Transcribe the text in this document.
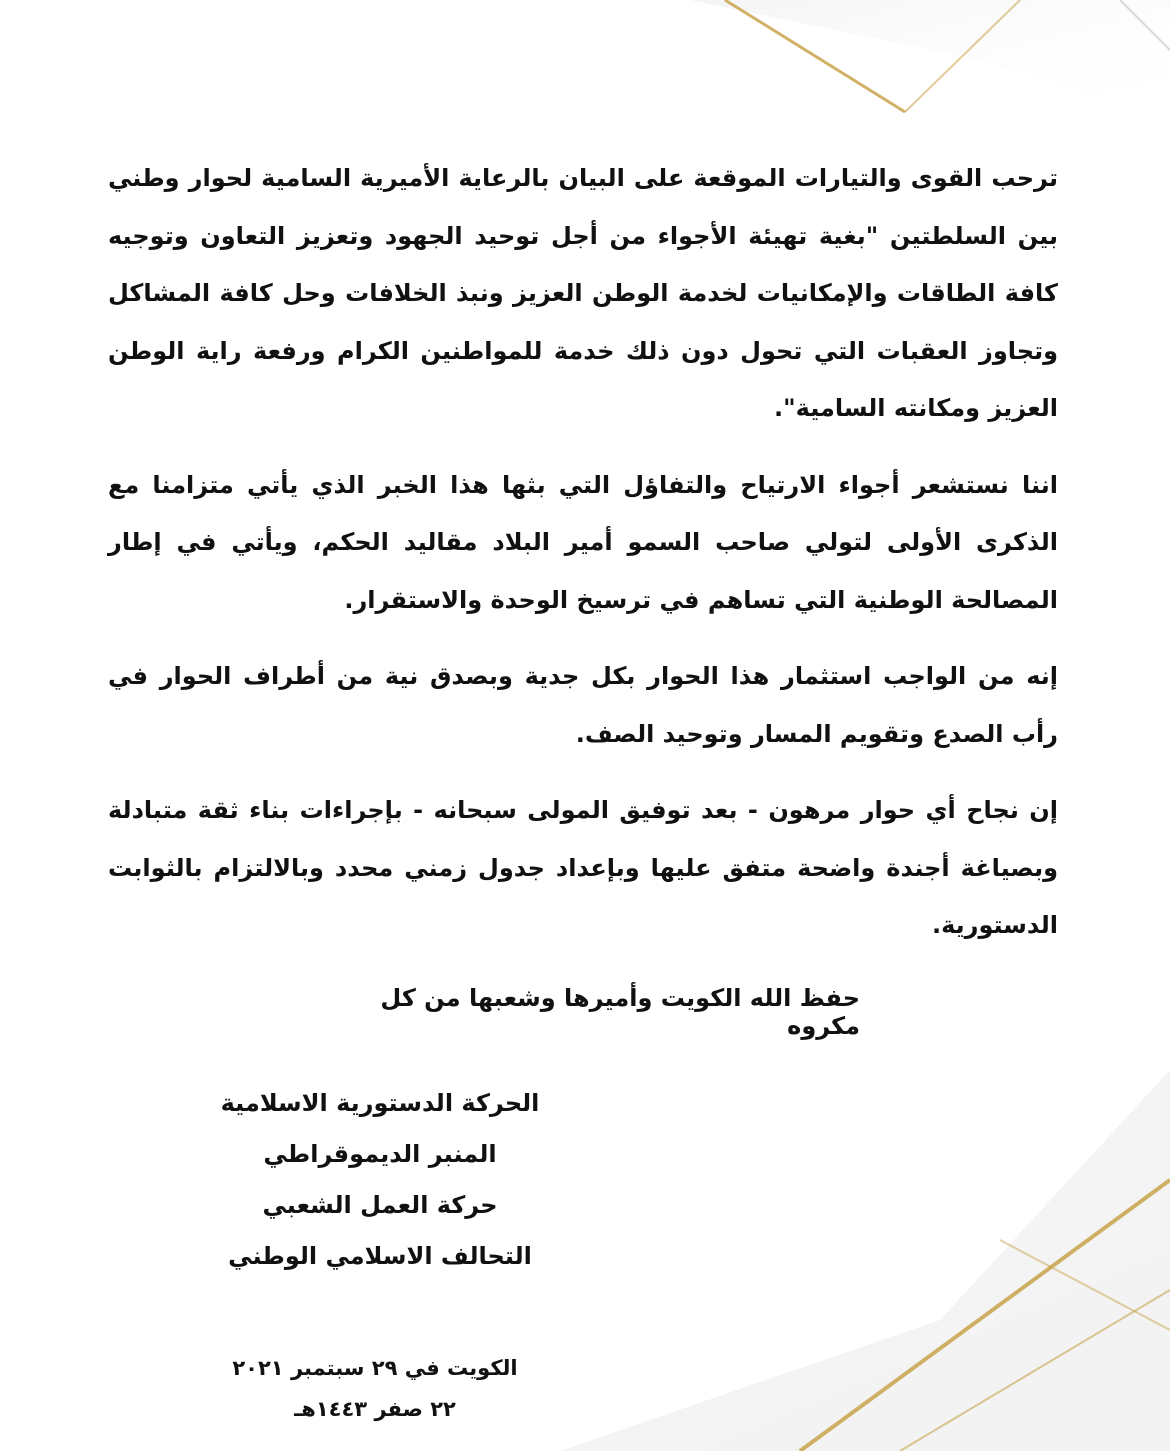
ترحب القوى والتيارات الموقعة على البيان بالرعاية الأميرية السامية لحوار وطني بين السلطتين "بغية تهيئة الأجواء من أجل توحيد الجهود وتعزيز التعاون وتوجيه كافة الطاقات والإمكانيات لخدمة الوطن العزيز ونبذ الخلافات وحل كافة المشاكل وتجاوز العقبات التي تحول دون ذلك خدمة للمواطنين الكرام ورفعة راية الوطن العزيز ومكانته السامية".

اننا نستشعر أجواء الارتياح والتفاؤل التي بثها هذا الخبر الذي يأتي متزامنا مع الذكرى الأولى لتولي صاحب السمو أمير البلاد مقاليد الحكم، ويأتي في إطار المصالحة الوطنية التي تساهم في ترسيخ الوحدة والاستقرار.

إنه من الواجب استثمار هذا الحوار بكل جدية وبصدق نية من أطراف الحوار في رأب الصدع وتقويم المسار وتوحيد الصف.

إن نجاح أي حوار مرهون - بعد توفيق المولى سبحانه - بإجراءات بناء ثقة متبادلة وبصياغة أجندة واضحة متفق عليها وبإعداد جدول زمني محدد وبالالتزام بالثوابت الدستورية.

حفظ الله الكويت وأميرها وشعبها من كل مكروه
الحركة الدستورية الاسلامية
المنبر الديموقراطي
حركة العمل الشعبي
التحالف الاسلامي الوطني
الكويت في ٢٩ سبتمبر ٢٠٢١
٢٢ صفر ١٤٤٣هـ
